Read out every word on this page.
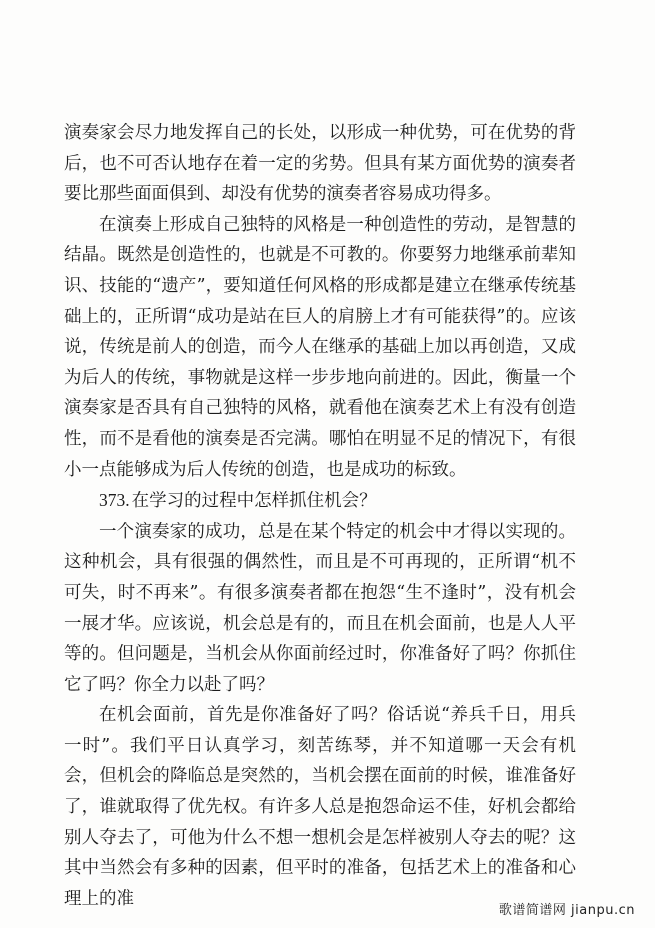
演奏家会尽力地发挥自己的长处，以形成一种优势，可在优势的背后，也不可否认地存在着一定的劣势。但具有某方面优势的演奏者要比那些面面俱到、却没有优势的演奏者容易成功得多。

在演奏上形成自己独特的风格是一种创造性的劳动，是智慧的结晶。既然是创造性的，也就是不可教的。你要努力地继承前辈知识、技能的“遗产”，要知道任何风格的形成都是建立在继承传统基础上的，正所谓“成功是站在巨人的肩膀上才有可能获得”的。应该说，传统是前人的创造，而今人在继承的基础上加以再创造，又成为后人的传统，事物就是这样一步步地向前进的。因此，衡量一个演奏家是否具有自己独特的风格，就看他在演奏艺术上有没有创造性，而不是看他的演奏是否完满。哪怕在明显不足的情况下，有很小一点能够成为后人传统的创造，也是成功的标致。

373. 在学习的过程中怎样抓住机会？

一个演奏家的成功，总是在某个特定的机会中才得以实现的。这种机会，具有很强的偶然性，而且是不可再现的，正所谓“机不可失，时不再来”。有很多演奏者都在抱怨“生不逢时”，没有机会一展才华。应该说，机会总是有的，而且在机会面前，也是人人平等的。但问题是，当机会从你面前经过时，你准备好了吗？你抓住它了吗？你全力以赴了吗？

在机会面前，首先是你准备好了吗？俗话说“养兵千日，用兵一时”。我们平日认真学习，刻苦练琴，并不知道哪一天会有机会，但机会的降临总是突然的，当机会摆在面前的时候，谁准备好了，谁就取得了优先权。有许多人总是抱怨命运不佳，好机会都给别人夺去了，可他为什么不想一想机会是怎样被别人夺去的呢？这其中当然会有多种的因素，但平时的准备，包括艺术上的准备和心理上的准

歌谱简谱网 jianpu.cn
